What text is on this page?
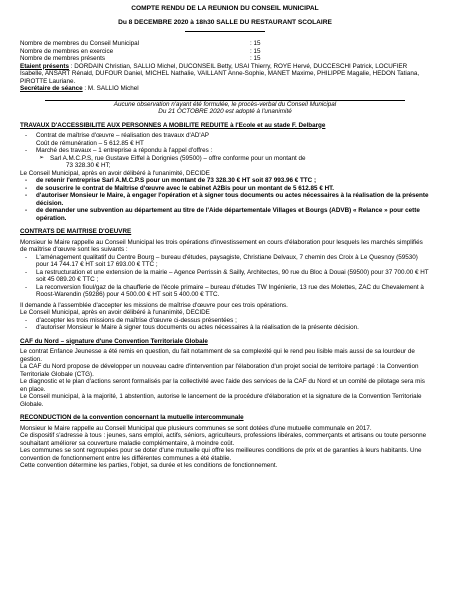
COMPTE RENDU DE LA REUNION DU CONSEIL MUNICIPAL
Du 8 DECEMBRE 2020 à 18h30 SALLE DU RESTAURANT SCOLAIRE
Nombre de membres du Conseil Municipal	: 15
Nombre de membres en exercice	: 15
Nombre de membres présents	: 15

Etaient présents : DORDAIN Christian, SALLIO Michel, DUCONSEIL Betty, USAI Thierry, ROYE Hervé, DUCCESCHI Patrick, LOCUFIER Isabelle, ANSART Rénald, DUFOUR Daniel, MICHEL Nathalie, VAILLANT Anne-Sophie, MANET Maxime, PHILIPPE Magalie, HEDON Tatiana, PIROTTE Lauriane.

Secrétaire de séance : M. SALLIO Michel

Aucune observation n'ayant été formulée, le procès-verbal du Conseil Municipal
Du 21 OCTOBRE 2020 est adopté à l'unanimité
TRAVAUX D'ACCESSIBILITE AUX PERSONNES A MOBILITE REDUITE à l'Ecole et au stade F. Delbarge
- Contrat de maîtrise d'œuvre – réalisation des travaux d'AD'AP
Coût de rémunération – 5 612.85 € HT
- Marché des travaux – 1 entreprise a répondu à l'appel d'offres :
➢ Sarl A.M.C.P.S, rue Gustave Eiffel à Dorignies (59500) – offre conforme pour un montant de
73 328.30 € HT;

Le Conseil Municipal, après en avoir délibéré à l'unanimité, DECIDE

- de retenir l'entreprise Sarl A.M.C.P.S pour un montant de 73 328.30 € HT soit 87 993.96 € TTC ;
- de souscrire le contrat de Maîtrise d'œuvre avec le cabinet A2Bis pour un montant de 5 612.85 € HT.
- d'autoriser Monsieur le Maire, à engager l'opération et à signer tous documents ou actes nécessaires à la réalisation de la présente décision.
- de demander une subvention au département au titre de l'Aide départementale Villages et Bourgs (ADVB) « Relance » pour cette opération.
CONTRATS DE MAITRISE D'OEUVRE

Monsieur le Maire rappelle au Conseil Municipal les trois opérations d'investissement en cours d'élaboration pour lesquels les marchés simplifiés de maîtrise d'œuvre sont les suivants :

- L'aménagement qualitatif du Centre Bourg – bureau d'études, paysagiste, Christiane Delvaux, 7 chemin des Croix à Le Quesnoy (59530) pour 14 744.17 € HT soit 17 693.00 € TTC ;
- La restructuration et une extension de la mairie – Agence Perrissin & Sailly, Architectes, 90 rue du Bloc à Douai (59500) pour 37 700.00 € HT soit 45 089.20 € TTC ;
- La reconversion fioul/gaz de la chaufferie de l'école primaire – bureau d'études TW Ingénierie, 13 rue des Molettes, ZAC du Chevalement à Roost-Warendin (59286) pour 4 500.00 € HT soit 5 400.00 € TTC.

Il demande à l'assemblée d'accepter les missions de maîtrise d'œuvre pour ces trois opérations.

Le Conseil Municipal, après en avoir délibéré à l'unanimité, DECIDE

- d'accepter les trois missions de maîtrise d'œuvre ci-dessus présentées ;
- d'autoriser Monsieur le Maire à signer tous documents ou actes nécessaires à la réalisation de la présente décision.
CAF du Nord – signature d'une Convention Territoriale Globale

Le contrat Enfance Jeunesse a été remis en question, du fait notamment de sa complexité qui le rend peu lisible mais aussi de sa lourdeur de gestion.

La CAF du Nord propose de développer un nouveau cadre d'intervention par l'élaboration d'un projet social de territoire partagé : la Convention Territoriale Globale (CTG).

Le diagnostic et le plan d'actions seront formalisés par la collectivité avec l'aide des services de la CAF du Nord et un comité de pilotage sera mis en place.

Le Conseil municipal, à la majorité, 1 abstention, autorise le lancement de la procédure d'élaboration et la signature de la Convention Territoriale Globale.

RECONDUCTION de la convention concernant la mutuelle intercommunale

Monsieur le Maire rappelle au Conseil Municipal que plusieurs communes se sont dotées d'une mutuelle communale en 2017.

Ce dispositif s'adresse à tous : jeunes, sans emploi, actifs, séniors, agriculteurs, professions libérales, commerçants et artisans ou toute personne souhaitant améliorer sa couverture maladie complémentaire, à moindre coût.

Les communes se sont regroupées pour se doter d'une mutuelle qui offre les meilleures conditions de prix et de garanties à leurs habitants. Une convention de fonctionnement entre les différentes communes a été établie.

Cette convention détermine les parties, l'objet, sa durée et les conditions de fonctionnement.
